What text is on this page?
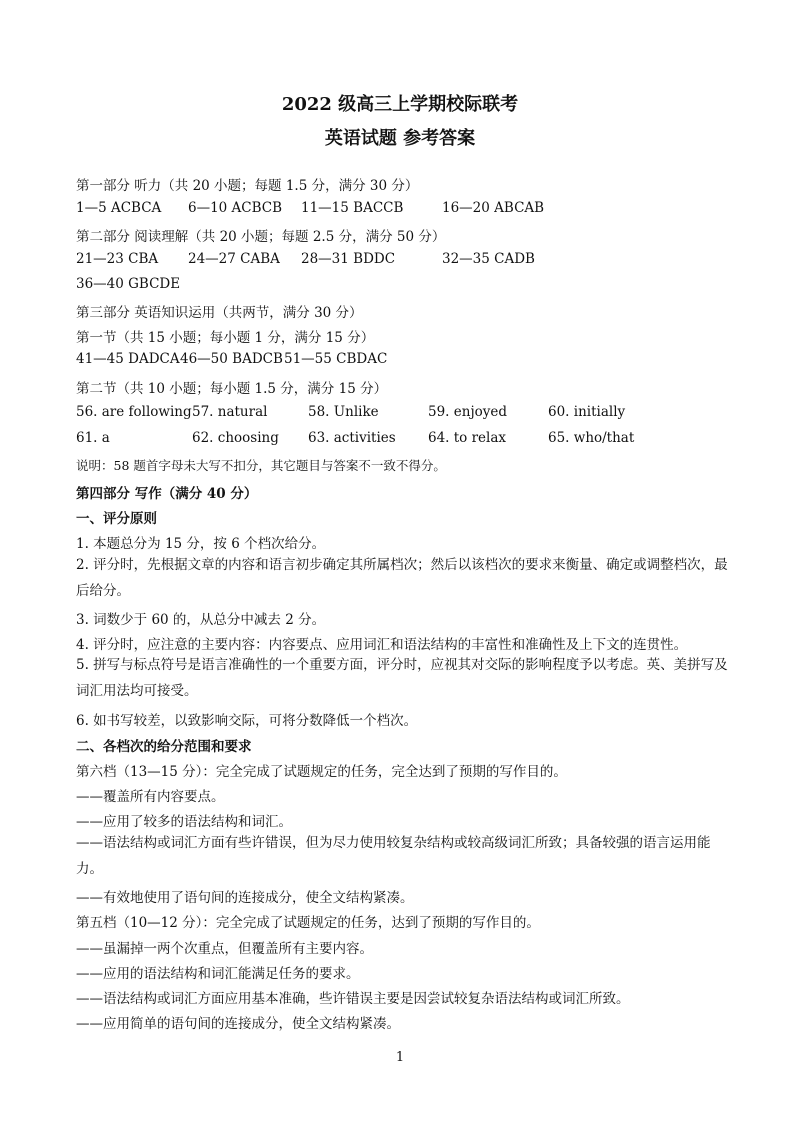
2022 级高三上学期校际联考
英语试题 参考答案
第一部分 听力（共 20 小题；每题 1.5 分，满分 30 分）
1—5 ACBCA 6—10 ACBCB 11—15 BACCB	16—20 ABCAB
第二部分 阅读理解（共 20 小题；每题 2.5 分，满分 50 分）
21—23 CBA 24—27 CABA 28—31 BDDC	32—35 CADB
36—40 GBCDE
第三部分 英语知识运用（共两节，满分 30 分）
第一节（共 15 小题；每小题 1 分，满分 15 分）
41—45 DADCA 46—50 BADCB 51—55 CBDAC
第二节（共 10 小题；每小题 1.5 分，满分 15 分）
56. are following 57. natural	58. Unlike	59. enjoyed	60. initially
61. a	62. choosing 63. activities 64. to relax	65. who/that
说明：58 题首字母未大写不扣分，其它题目与答案不一致不得分。
第四部分 写作（满分 40 分）
一、评分原则
1. 本题总分为 15 分，按 6 个档次给分。
2. 评分时，先根据文章的内容和语言初步确定其所属档次；然后以该档次的要求来衡量、确定或调整档次，最后给分。
3. 词数少于 60 的，从总分中减去 2 分。
4. 评分时，应注意的主要内容：内容要点、应用词汇和语法结构的丰富性和准确性及上下文的连贯性。
5. 拼写与标点符号是语言准确性的一个重要方面，评分时，应视其对交际的影响程度予以考虑。英、美拼写及词汇用法均可接受。
6. 如书写较差，以致影响交际，可将分数降低一个档次。
二、各档次的给分范围和要求
第六档（13—15 分）：完全完成了试题规定的任务，完全达到了预期的写作目的。
——覆盖所有内容要点。
——应用了较多的语法结构和词汇。
——语法结构或词汇方面有些许错误，但为尽力使用较复杂结构或较高级词汇所致；具备较强的语言运用能力。
——有效地使用了语句间的连接成分，使全文结构紧凑。
第五档（10—12 分）：完全完成了试题规定的任务，达到了预期的写作目的。
——虽漏掉一两个次重点，但覆盖所有主要内容。
——应用的语法结构和词汇能满足任务的要求。
——语法结构或词汇方面应用基本准确，些许错误主要是因尝试较复杂语法结构或词汇所致。
——应用简单的语句间的连接成分，使全文结构紧凑。
1
